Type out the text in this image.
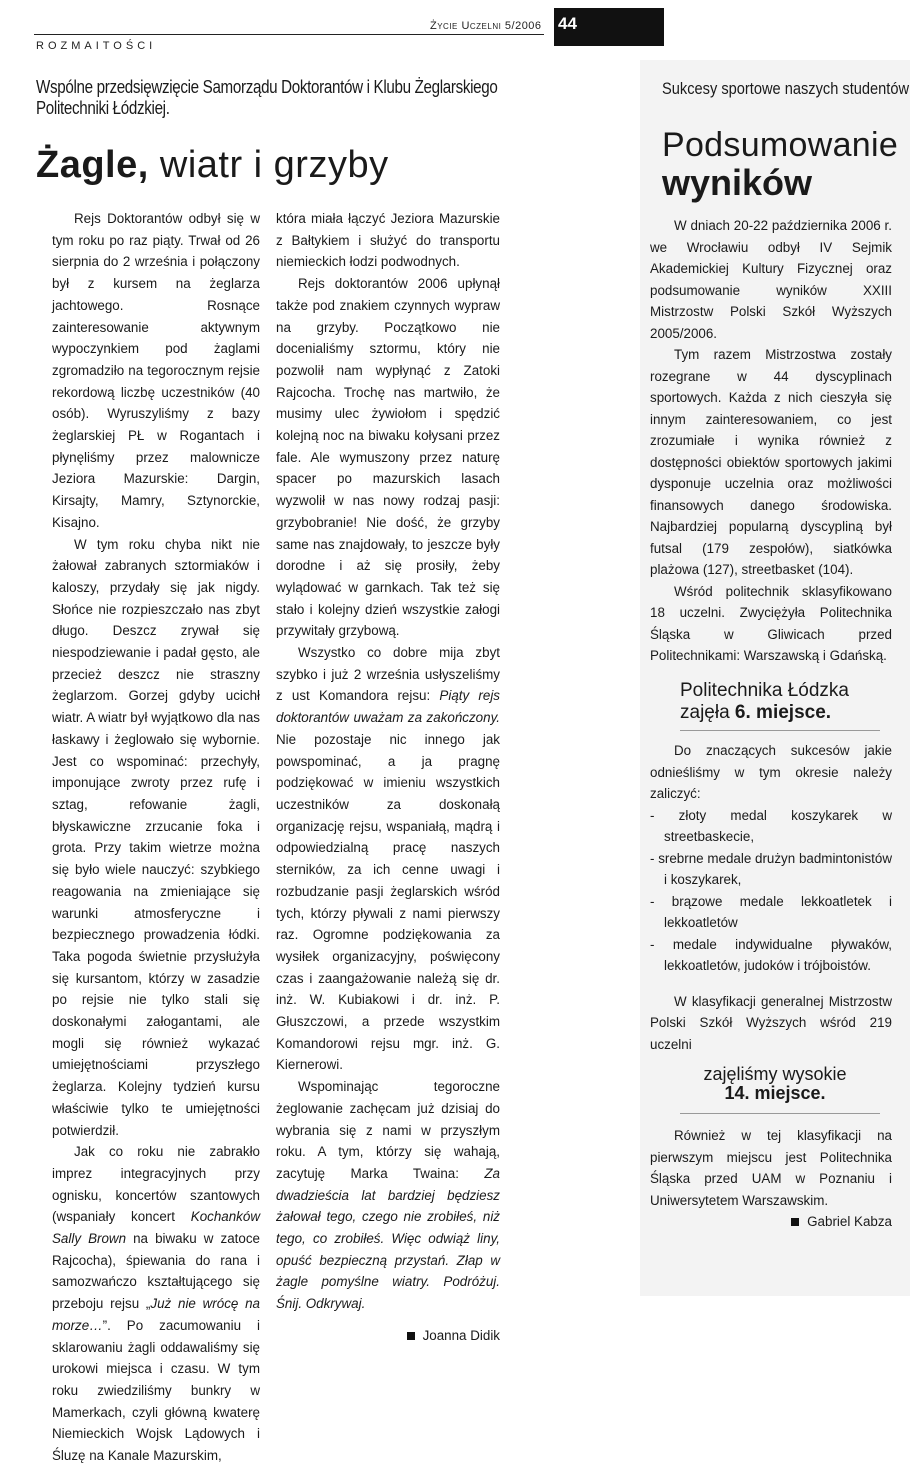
ROZMAITOŚCI
Życie Uczelni 5/2006 44
Wspólne przedsięwzięcie Samorządu Doktorantów i Klubu Żeglarskiego Politechniki Łódzkiej.
Żagle, wiatr i grzyby

Rejs Doktorantów odbył się w tym roku po raz piąty. Trwał od 26 sierpnia do 2 września i połączony był z kursem na żeglarza jachtowego. Rosnące zainteresowanie aktywnym wypoczynkiem pod żaglami zgromadziło na tegorocznym rejsie rekordową liczbę uczestników (40 osób). Wyruszyliśmy z bazy żeglarskiej PŁ w Rogantach i płynęliśmy przez malownicze Jeziora Mazurskie: Dargin, Kirsajty, Mamry, Sztynorckie, Kisajno.

W tym roku chyba nikt nie żałował zabranych sztormiaków i kaloszy, przydały się jak nigdy. Słońce nie rozpieszczało nas zbyt długo. Deszcz zrywał się niespodziewanie i padał gęsto, ale przecież deszcz nie straszny żeglarzom. Gorzej gdyby ucichł wiatr. A wiatr był wyjątkowo dla nas łaskawy i żeglowało się wybornie. Jest co wspominać: przechyły, imponujące zwroty przez rufę i sztag, refowanie żagli, błyskawiczne zrzucanie foka i grota. Przy takim wietrze można się było wiele nauczyć: szybkiego reagowania na zmieniające się warunki atmosferyczne i bezpiecznego prowadzenia łódki. Taka pogoda świetnie przysłużyła się kursantom, którzy w zasadzie po rejsie nie tylko stali się doskonałymi załogantami, ale mogli się również wykazać umiejętnościami przyszłego żeglarza. Kolejny tydzień kursu właściwie tylko te umiejętności potwierdził.

Jak co roku nie zabrakło imprez integracyjnych przy ognisku, koncertów szantowych (wspaniały koncert Kochanków Sally Brown na biwaku w zatoce Rajcocha), śpiewania do rana i samozwańczo kształtującego się przeboju rejsu „Już nie wrócę na morze…”. Po zacumowaniu i sklarowaniu żagli oddawaliśmy się urokowi miejsca i czasu. W tym roku zwiedziliśmy bunkry w Mamerkach, czyli główną kwaterę Niemieckich Wojsk Lądowych i Śluzę na Kanale Mazurskim,

która miała łączyć Jeziora Mazurskie z Bałtykiem i służyć do transportu niemieckich łodzi podwodnych.

Rejs doktorantów 2006 upłynął także pod znakiem czynnych wypraw na grzyby. Początkowo nie docenialiśmy sztormu, który nie pozwolił nam wypłynąć z Zatoki Rajcocha. Trochę nas martwiło, że musimy ulec żywiołom i spędzić kolejną noc na biwaku kołysani przez fale. Ale wymuszony przez naturę spacer po mazurskich lasach wyzwolił w nas nowy rodzaj pasji: grzybobranie! Nie dość, że grzyby same nas znajdowały, to jeszcze były dorodne i aż się prosiły, żeby wylądować w garnkach. Tak też się stało i kolejny dzień wszystkie załogi przywitały grzybową.

Wszystko co dobre mija zbyt szybko i już 2 września usłyszeliśmy z ust Komandora rejsu: Piąty rejs doktorantów uważam za zakończony. Nie pozostaje nic innego jak powspominać, a ja pragnę podziękować w imieniu wszystkich uczestników za doskonałą organizację rejsu, wspaniałą, mądrą i odpowiedzialną pracę naszych sterników, za ich cenne uwagi i rozbudzanie pasji żeglarskich wśród tych, którzy pływali z nami pierwszy raz. Ogromne podziękowania za wysiłek organizacyjny, poświęcony czas i zaangażowanie należą się dr. inż. W. Kubiakowi i dr. inż. P. Głuszczowi, a przede wszystkim Komandorowi rejsu mgr. inż. G. Kiernerowi.

Wspominając tegoroczne żeglowanie zachęcam już dzisiaj do wybrania się z nami w przyszłym roku. A tym, którzy się wahają, zacytuję Marka Twaina: Za dwadzieścia lat bardziej będziesz żałował tego, czego nie zrobiłeś, niż tego, co zrobiłeś. Więc odwiąż liny, opuść bezpieczną przystań. Złap w żagle pomyślne wiatry. Podróżuj. Śnij. Odkrywaj.

Joanna Didik

Sukcesy sportowe naszych studentów
Podsumowanie
wyników

W dniach 20-22 października 2006 r. we Wrocławiu odbył IV Sejmik Akademickiej Kultury Fizycznej oraz podsumowanie wyników XXIII Mistrzostw Polski Szkół Wyższych 2005/2006.

Tym razem Mistrzostwa zostały rozegrane w 44 dyscyplinach sportowych. Każda z nich cieszyła się innym zainteresowaniem, co jest zrozumiałe i wynika również z dostępności obiektów sportowych jakimi dysponuje uczelnia oraz możliwości finansowych danego środowiska. Najbardziej popularną dyscypliną był futsal (179 zespołów), siatkówka plażowa (127), streetbasket (104).

Wśród politechnik sklasyfikowano 18 uczelni. Zwyciężyła Politechnika Śląska w Gliwicach przed Politechnikami: Warszawską i Gdańską.

Politechnika Łódzka
zajęła 6. miejsce.

Do znaczących sukcesów jakie odnieśliśmy w tym okresie należy zaliczyć:

- złoty medal koszykarek w streetbaskecie,
- srebrne medale drużyn badmintonistów i koszykarek,
- brązowe medale lekkoatletek i lekkoatletów
- medale indywidualne pływaków, lekkoatletów, judoków i trójboistów.

W klasyfikacji generalnej Mistrzostw Polski Szkół Wyższych wśród 219 uczelni

zajęliśmy wysokie
14. miejsce.

Również w tej klasyfikacji na pierwszym miejscu jest Politechnika Śląska przed UAM w Poznaniu i Uniwersytetem Warszawskim.

Gabriel Kabza
